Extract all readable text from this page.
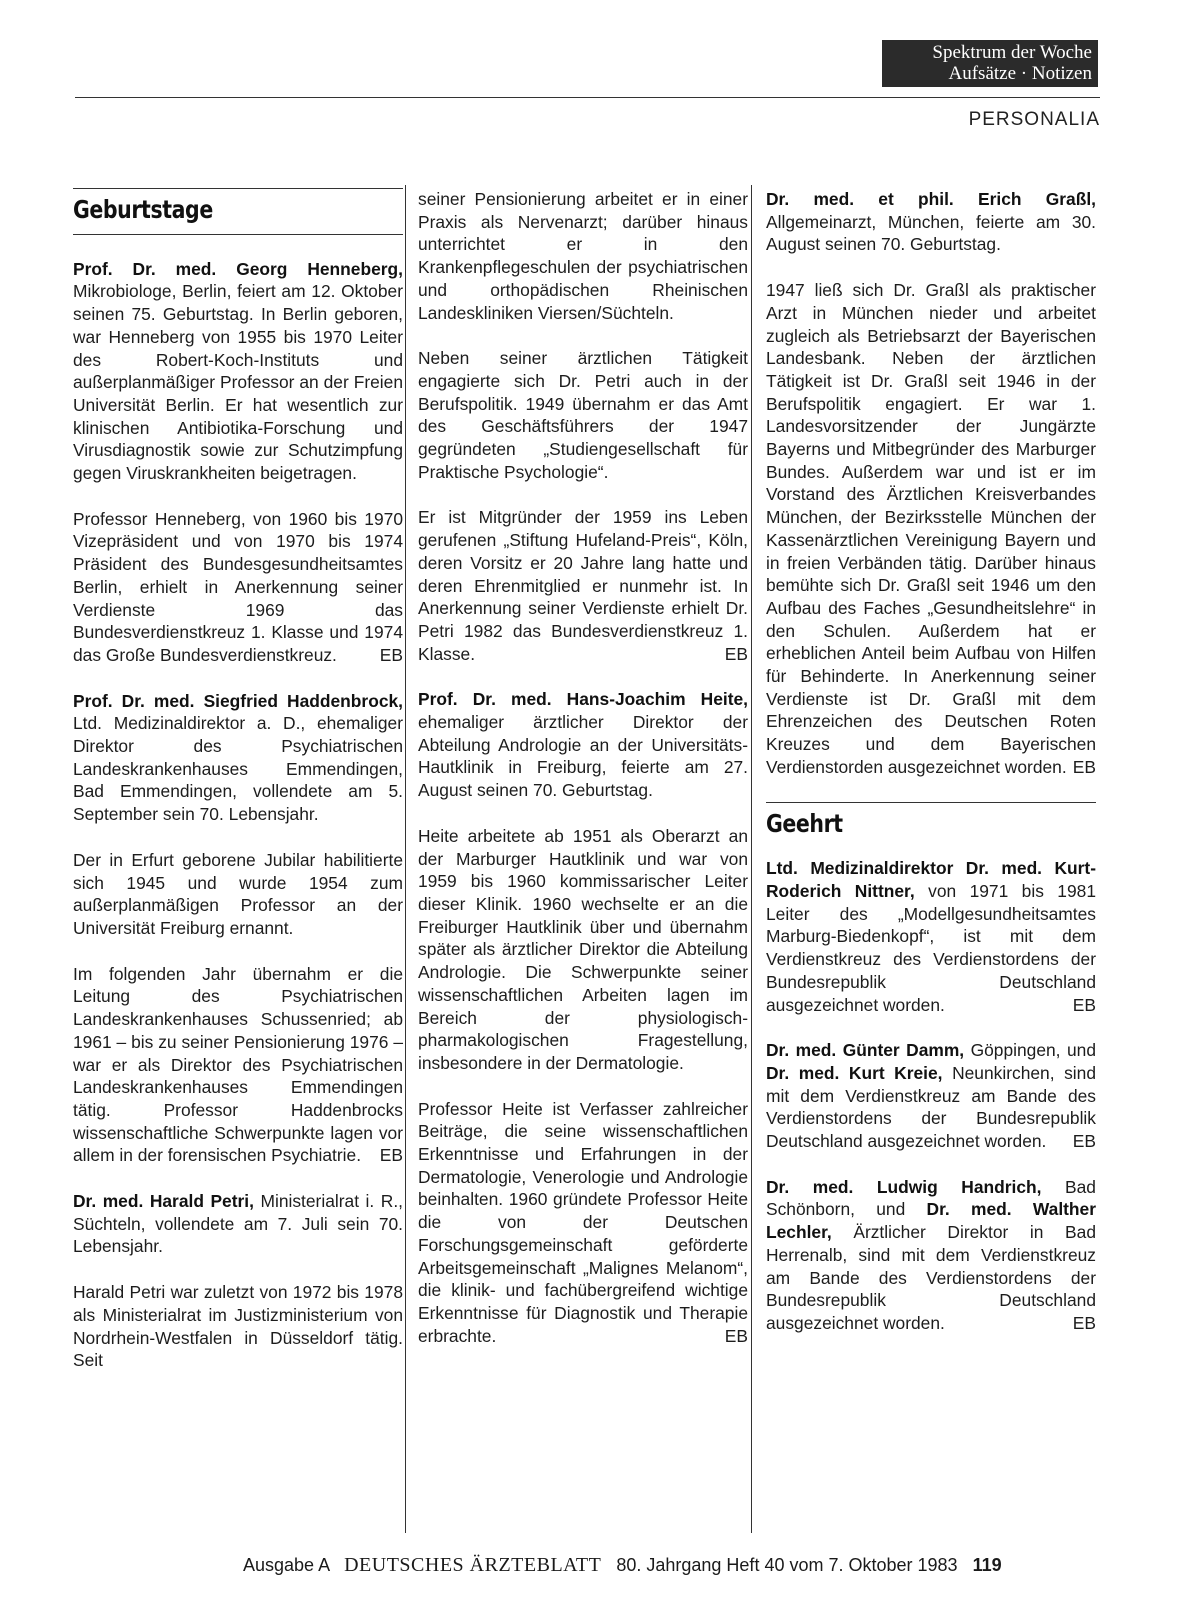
Spektrum der Woche
Aufsätze · Notizen
PERSONALIA
Geburtstage

Prof. Dr. med. Georg Henneberg, Mikrobiologe, Berlin, feiert am 12. Oktober seinen 75. Geburtstag. In Berlin geboren, war Henneberg von 1955 bis 1970 Leiter des Robert-Koch-Instituts und außerplanmäßiger Professor an der Freien Universität Berlin. Er hat wesentlich zur klinischen Antibiotika-Forschung und Virusdiagnostik sowie zur Schutzimpfung gegen Viruskrankheiten beigetragen.

Professor Henneberg, von 1960 bis 1970 Vizepräsident und von 1970 bis 1974 Präsident des Bundesgesundheitsamtes Berlin, erhielt in Anerkennung seiner Verdienste 1969 das Bundesverdienstkreuz 1. Klasse und 1974 das Große Bundesverdienstkreuz. EB

Prof. Dr. med. Siegfried Haddenbrock, Ltd. Medizinaldirektor a. D., ehemaliger Direktor des Psychiatrischen Landeskrankenhauses Emmendingen, Bad Emmendingen, vollendete am 5. September sein 70. Lebensjahr.

Der in Erfurt geborene Jubilar habilitierte sich 1945 und wurde 1954 zum außerplanmäßigen Professor an der Universität Freiburg ernannt.

Im folgenden Jahr übernahm er die Leitung des Psychiatrischen Landeskrankenhauses Schussenried; ab 1961 – bis zu seiner Pensionierung 1976 – war er als Direktor des Psychiatrischen Landeskrankenhauses Emmendingen tätig. Professor Haddenbrocks wissenschaftliche Schwerpunkte lagen vor allem in der forensischen Psychiatrie. EB

Dr. med. Harald Petri, Ministerialrat i. R., Süchteln, vollendete am 7. Juli sein 70. Lebensjahr.

Harald Petri war zuletzt von 1972 bis 1978 als Ministerialrat im Justizministerium von Nordrhein-Westfalen in Düsseldorf tätig. Seit

seiner Pensionierung arbeitet er in einer Praxis als Nervenarzt; darüber hinaus unterrichtet er in den Krankenpflegeschulen der psychiatrischen und orthopädischen Rheinischen Landeskliniken Viersen/Süchteln.

Neben seiner ärztlichen Tätigkeit engagierte sich Dr. Petri auch in der Berufspolitik. 1949 übernahm er das Amt des Geschäftsführers der 1947 gegründeten „Studiengesellschaft für Praktische Psychologie“.

Er ist Mitgründer der 1959 ins Leben gerufenen „Stiftung Hufeland-Preis“, Köln, deren Vorsitz er 20 Jahre lang hatte und deren Ehrenmitglied er nunmehr ist. In Anerkennung seiner Verdienste erhielt Dr. Petri 1982 das Bundesverdienstkreuz 1. Klasse.	EB

Prof. Dr. med. Hans-Joachim Heite, ehemaliger ärztlicher Direktor der Abteilung Andrologie an der Universitäts-Hautklinik in Freiburg, feierte am 27. August seinen 70. Geburtstag.

Heite arbeitete ab 1951 als Oberarzt an der Marburger Hautklinik und war von 1959 bis 1960 kommissarischer Leiter dieser Klinik. 1960 wechselte er an die Freiburger Hautklinik über und übernahm später als ärztlicher Direktor die Abteilung Andrologie. Die Schwerpunkte seiner wissenschaftlichen Arbeiten lagen im Bereich der physiologisch-pharmakologischen Fragestellung, insbesondere in der Dermatologie.

Professor Heite ist Verfasser zahlreicher Beiträge, die seine wissenschaftlichen Erkenntnisse und Erfahrungen in der Dermatologie, Venerologie und Andrologie beinhalten. 1960 gründete Professor Heite die von der Deutschen Forschungsgemeinschaft geförderte Arbeitsgemeinschaft „Malignes Melanom“, die klinik- und fachübergreifend wichtige Erkenntnisse für Diagnostik und Therapie erbrachte.	EB

Dr. med. et phil. Erich Graßl, Allgemeinarzt, München, feierte am 30. August seinen 70. Geburtstag.

1947 ließ sich Dr. Graßl als praktischer Arzt in München nieder und arbeitet zugleich als Betriebsarzt der Bayerischen Landesbank. Neben der ärztlichen Tätigkeit ist Dr. Graßl seit 1946 in der Berufspolitik engagiert. Er war 1. Landesvorsitzender der Jungärzte Bayerns und Mitbegründer des Marburger Bundes. Außerdem war und ist er im Vorstand des Ärztlichen Kreisverbandes München, der Bezirksstelle München der Kassenärztlichen Vereinigung Bayern und in freien Verbänden tätig. Darüber hinaus bemühte sich Dr. Graßl seit 1946 um den Aufbau des Faches „Gesundheitslehre“ in den Schulen. Außerdem hat er erheblichen Anteil beim Aufbau von Hilfen für Behinderte. In Anerkennung seiner Verdienste ist Dr. Graßl mit dem Ehrenzeichen des Deutschen Roten Kreuzes und dem Bayerischen Verdienstorden ausgezeichnet worden. EB

Geehrt

Ltd. Medizinaldirektor Dr. med. Kurt-Roderich Nittner, von 1971 bis 1981 Leiter des „Modellgesundheitsamtes Marburg-Biedenkopf“, ist mit dem Verdienstkreuz des Verdienstordens der Bundesrepublik Deutschland ausgezeichnet worden.	EB

Dr. med. Günter Damm, Göppingen, und Dr. med. Kurt Kreie, Neunkirchen, sind mit dem Verdienstkreuz am Bande des Verdienstordens der Bundesrepublik Deutschland ausgezeichnet worden. EB

Dr. med. Ludwig Handrich, Bad Schönborn, und Dr. med. Walther Lechler, Ärztlicher Direktor in Bad Herrenalb, sind mit dem Verdienstkreuz am Bande des Verdienstordens der Bundesrepublik Deutschland ausgezeichnet worden.	EB

Ausgabe A DEUTSCHES ÄRZTEBLATT 80. Jahrgang Heft 40 vom 7. Oktober 1983 119
